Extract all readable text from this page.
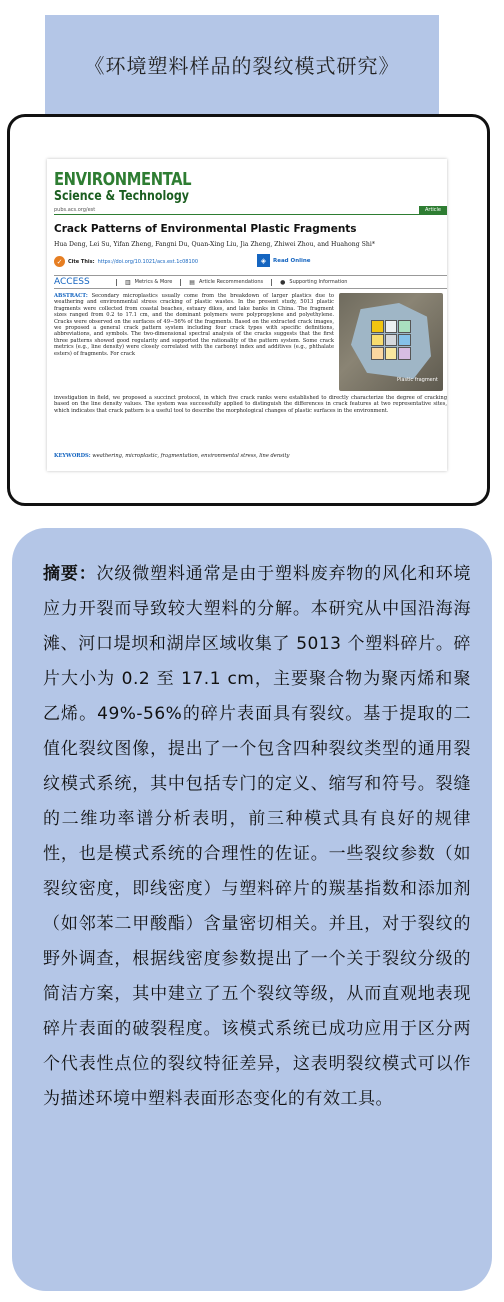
《环境塑料样品的裂纹模式研究》
ENVIRONMENTAL
Science & Technology
pubs.acs.org/est	Article
Crack Patterns of Environmental Plastic Fragments
Hua Deng, Lei Su, Yifan Zheng, Fangni Du, Quan-Xing Liu, Jia Zheng, Zhiwei Zhou, and Huahong Shi*
✓	Cite This: https://doi.org/10.1021/acs.est.1c08100	◈	Read Online
ACCESS	▥ Metrics & More	▤ Article Recommendations	● Supporting Information
ABSTRACT: Secondary microplastics usually come from the breakdown of larger plastics due to weathering and environmental stress cracking of plastic wastes. In the present study, 5013 plastic fragments were collected from coastal beaches, estuary dikes, and lake banks in China. The fragment sizes ranged from 0.2 to 17.1 cm, and the dominant polymers were polypropylene and polyethylene. Cracks were observed on the surfaces of 49−56% of the fragments. Based on the extracted crack images, we proposed a general crack pattern system including four crack types with specific definitions, abbreviations, and symbols. The two-dimensional spectral analysis of the cracks suggests that the first three patterns showed good regularity and supported the rationality of the pattern system. Some crack metrics (e.g., line density) were closely correlated with the carbonyl index and additives (e.g., phthalate esters) of fragments. For crack
Plastic fragment
investigation in field, we proposed a succinct protocol, in which five crack ranks were established to directly characterize the degree of cracking based on the line density values. The system was successfully applied to distinguish the differences in crack features at two representative sites, which indicates that crack pattern is a useful tool to describe the morphological changes of plastic surfaces in the environment.
KEYWORDS: weathering, microplastic, fragmentation, environmental stress, line density
摘要：次级微塑料通常是由于塑料废弃物的风化和环境应力开裂而导致较大塑料的分解。本研究从中国沿海海滩、河口堤坝和湖岸区域收集了 5013 个塑料碎片。碎片大小为 0.2 至 17.1 cm，主要聚合物为聚丙烯和聚乙烯。49%-56%的碎片表面具有裂纹。基于提取的二值化裂纹图像，提出了一个包含四种裂纹类型的通用裂纹模式系统，其中包括专门的定义、缩写和符号。裂缝的二维功率谱分析表明，前三种模式具有良好的规律性，也是模式系统的合理性的佐证。一些裂纹参数（如裂纹密度，即线密度）与塑料碎片的羰基指数和添加剂（如邻苯二甲酸酯）含量密切相关。并且，对于裂纹的野外调查，根据线密度参数提出了一个关于裂纹分级的简洁方案，其中建立了五个裂纹等级，从而直观地表现碎片表面的破裂程度。该模式系统已成功应用于区分两个代表性点位的裂纹特征差异，这表明裂纹模式可以作为描述环境中塑料表面形态变化的有效工具。
